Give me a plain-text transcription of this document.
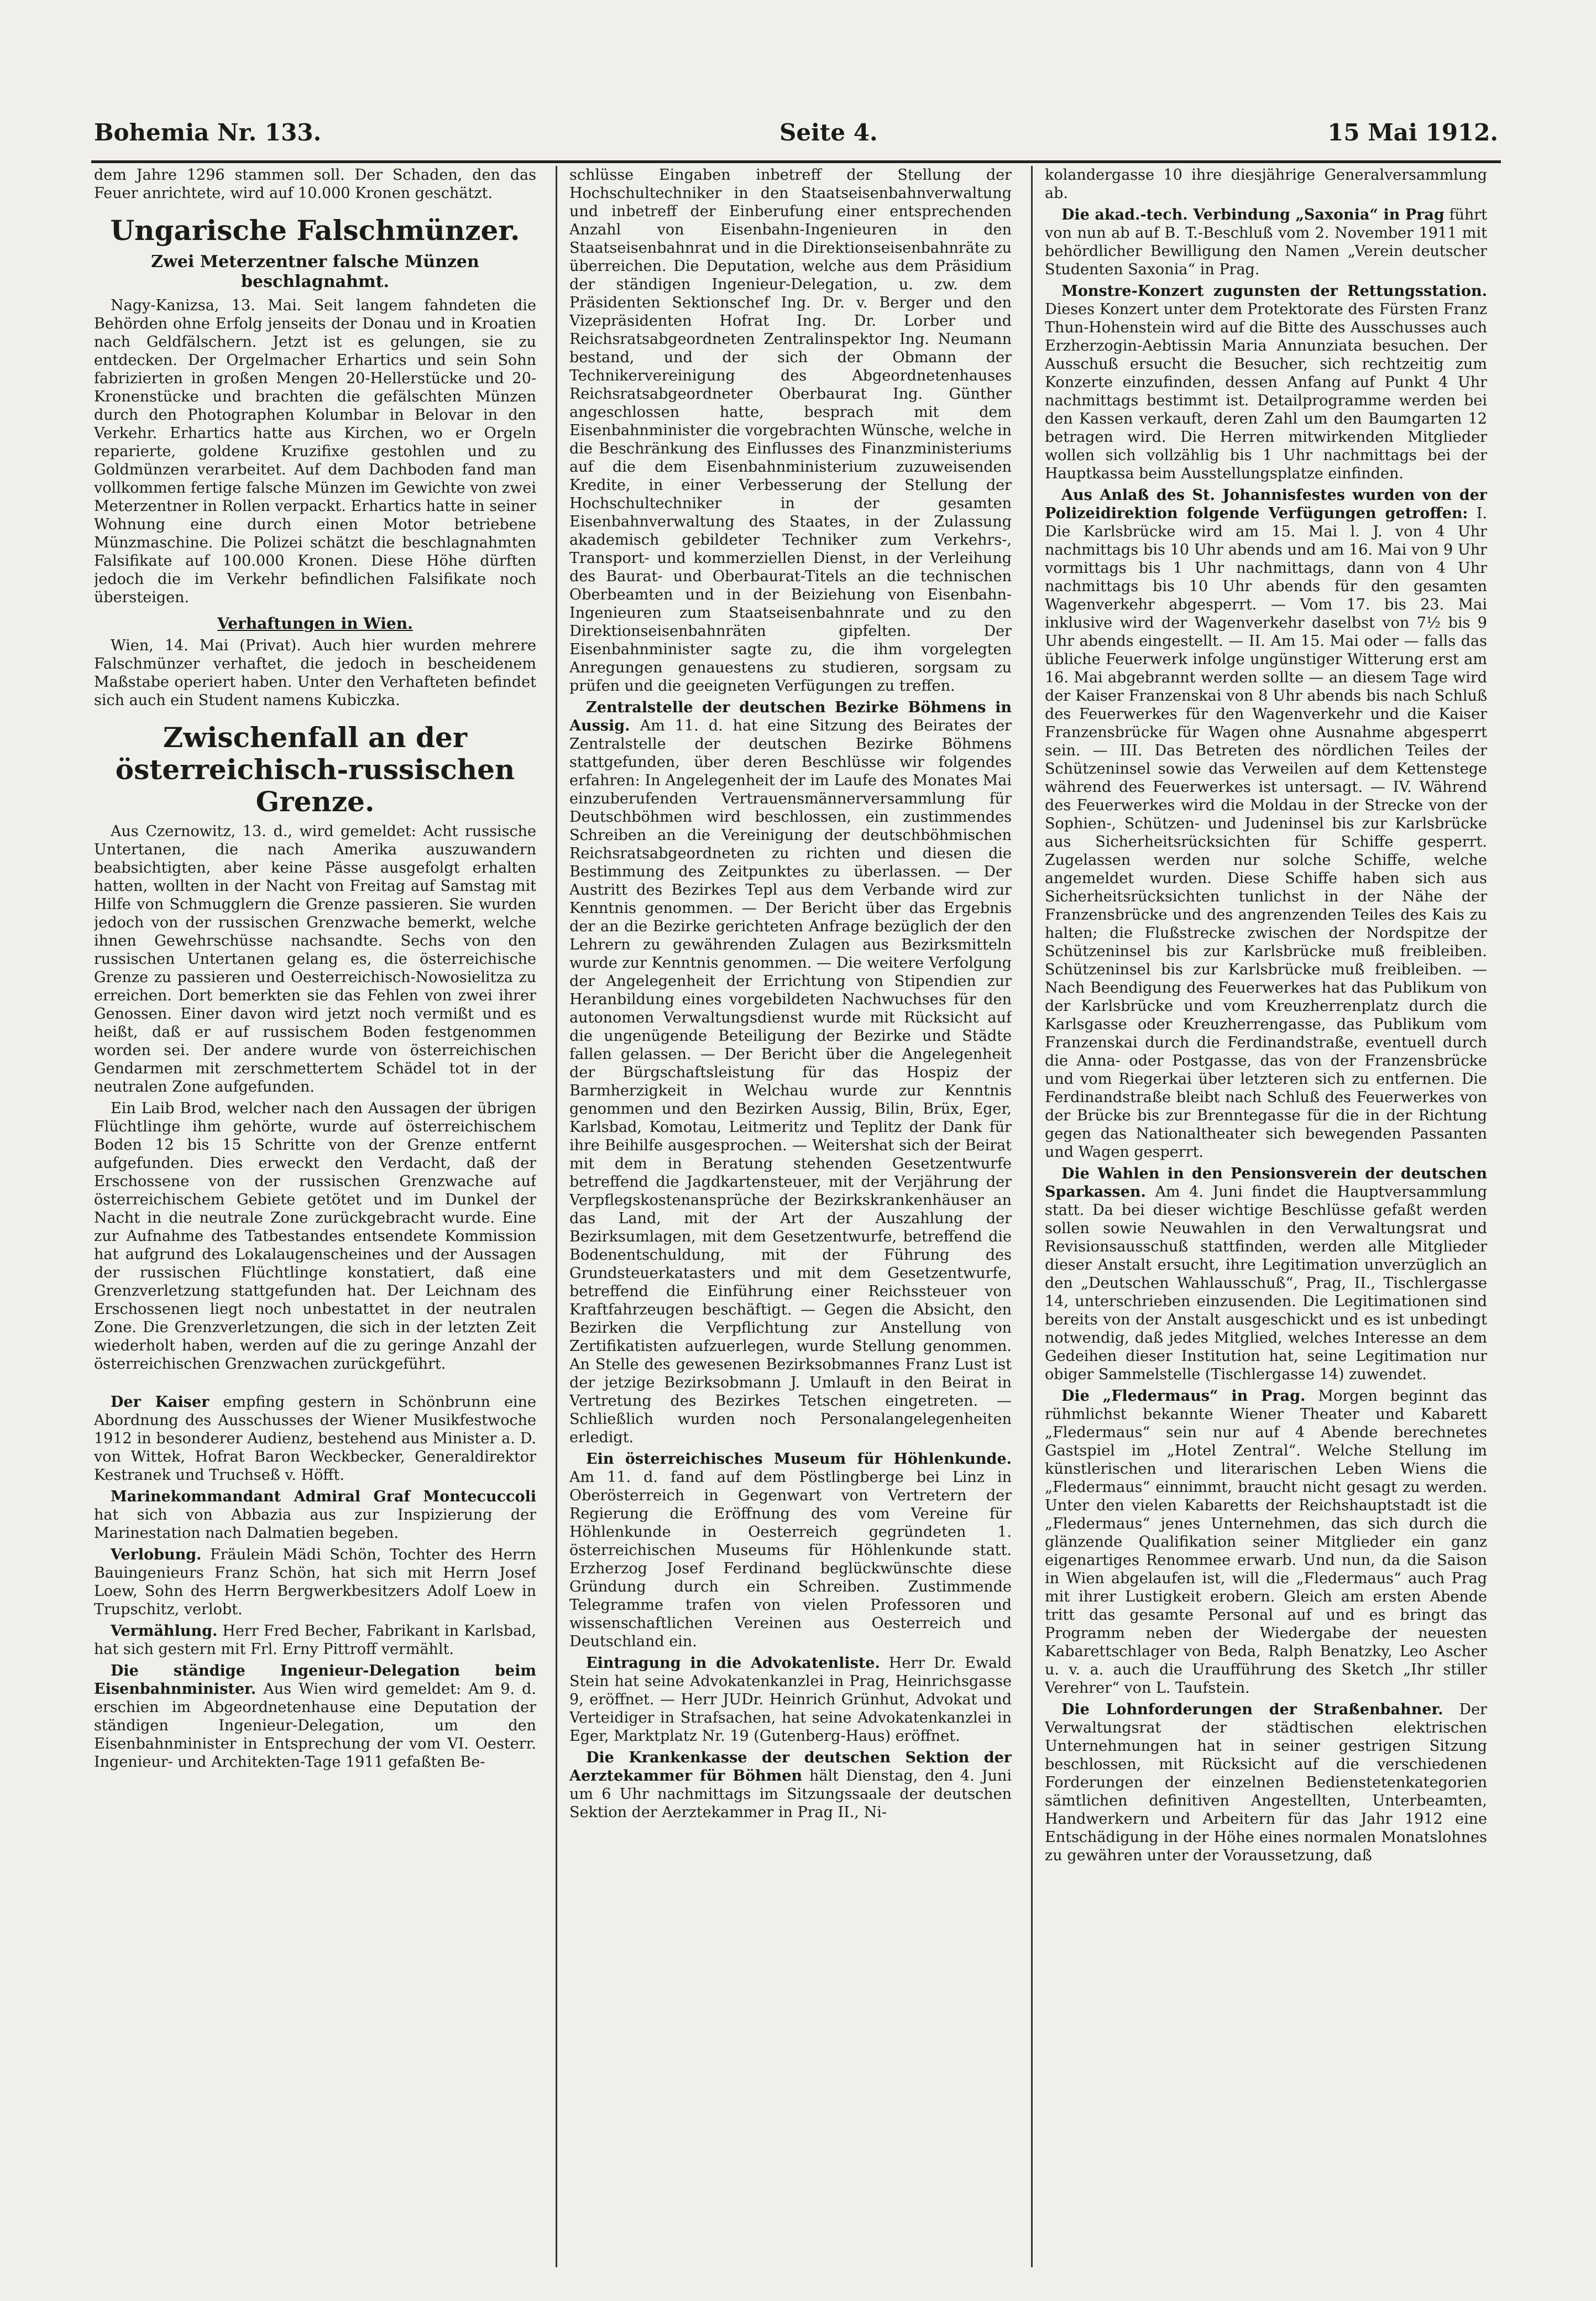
Bohemia Nr. 133.	Seite 4.	15 Mai 1912.

dem Jahre 1296 stammen soll. Der Schaden, den das Feuer anrichtete, wird auf 10.000 Kronen geschätzt.

Ungarische Falschmünzer.
Zwei Meterzentner falsche Münzen beschlagnahmt.

Nagy-Kanizsa, 13. Mai. Seit langem fahndeten die Behörden ohne Erfolg jenseits der Donau und in Kroatien nach Geldfälschern. Jetzt ist es gelungen, sie zu entdecken. Der Orgelmacher Erhartics und sein Sohn fabrizierten in großen Mengen 20-Hellerstücke und 20-Kronenstücke und brachten die gefälschten Münzen durch den Photographen Kolumbar in Belovar in den Verkehr. Erhartics hatte aus Kirchen, wo er Orgeln reparierte, goldene Kruzifixe gestohlen und zu Goldmünzen verarbeitet. Auf dem Dachboden fand man vollkommen fertige falsche Münzen im Gewichte von zwei Meterzentner in Rollen verpackt. Erhartics hatte in seiner Wohnung eine durch einen Motor betriebene Münzmaschine. Die Polizei schätzt die beschlagnahmten Falsifikate auf 100.000 Kronen. Diese Höhe dürften jedoch die im Verkehr befindlichen Falsifikate noch übersteigen.

Verhaftungen in Wien.

Wien, 14. Mai (Privat). Auch hier wurden mehrere Falschmünzer verhaftet, die jedoch in bescheidenem Maßstabe operiert haben. Unter den Verhafteten befindet sich auch ein Student namens Kubiczka.

Zwischenfall an der österreichisch-russischen Grenze.

Aus Czernowitz, 13. d., wird gemeldet: Acht russische Untertanen, die nach Amerika auszuwandern beabsichtigten, aber keine Pässe ausgefolgt erhalten hatten, wollten in der Nacht von Freitag auf Samstag mit Hilfe von Schmugglern die Grenze passieren. Sie wurden jedoch von der russischen Grenzwache bemerkt, welche ihnen Gewehrschüsse nachsandte. Sechs von den russischen Untertanen gelang es, die österreichische Grenze zu passieren und Oesterreichisch-Nowosielitza zu erreichen. Dort bemerkten sie das Fehlen von zwei ihrer Genossen. Einer davon wird jetzt noch vermißt und es heißt, daß er auf russischem Boden festgenommen worden sei. Der andere wurde von österreichischen Gendarmen mit zerschmettertem Schädel tot in der neutralen Zone aufgefunden.

Ein Laib Brod, welcher nach den Aussagen der übrigen Flüchtlinge ihm gehörte, wurde auf österreichischem Boden 12 bis 15 Schritte von der Grenze entfernt aufgefunden. Dies erweckt den Verdacht, daß der Erschossene von der russischen Grenzwache auf österreichischem Gebiete getötet und im Dunkel der Nacht in die neutrale Zone zurückgebracht wurde. Eine zur Aufnahme des Tatbestandes entsendete Kommission hat aufgrund des Lokalaugenscheines und der Aussagen der russischen Flüchtlinge konstatiert, daß eine Grenzverletzung stattgefunden hat. Der Leichnam des Erschossenen liegt noch unbestattet in der neutralen Zone. Die Grenzverletzungen, die sich in der letzten Zeit wiederholt haben, werden auf die zu geringe Anzahl der österreichischen Grenzwachen zurückgeführt.

Der Kaiser empfing gestern in Schönbrunn eine Abordnung des Ausschusses der Wiener Musikfestwoche 1912 in besonderer Audienz, bestehend aus Minister a. D. von Wittek, Hofrat Baron Weckbecker, Generaldirektor Kestranek und Truchseß v. Höfft.

Marinekommandant Admiral Graf Montecuccoli hat sich von Abbazia aus zur Inspizierung der Marinestation nach Dalmatien begeben.

Verlobung. Fräulein Mädi Schön, Tochter des Herrn Bauingenieurs Franz Schön, hat sich mit Herrn Josef Loew, Sohn des Herrn Bergwerkbesitzers Adolf Loew in Trupschitz, verlobt.

Vermählung. Herr Fred Becher, Fabrikant in Karlsbad, hat sich gestern mit Frl. Erny Pittroff vermählt.

Die ständige Ingenieur-Delegation beim Eisenbahnminister. Aus Wien wird gemeldet: Am 9. d. erschien im Abgeordnetenhause eine Deputation der ständigen Ingenieur-Delegation, um den Eisenbahnminister in Entsprechung der vom VI. Oesterr. Ingenieur- und Architekten-Tage 1911 gefaßten Be-

schlüsse Eingaben inbetreff der Stellung der Hochschultechniker in den Staatseisenbahnverwaltung und inbetreff der Einberufung einer entsprechenden Anzahl von Eisenbahn-Ingenieuren in den Staatseisenbahnrat und in die Direktionseisenbahnräte zu überreichen. Die Deputation, welche aus dem Präsidium der ständigen Ingenieur-Delegation, u. zw. dem Präsidenten Sektionschef Ing. Dr. v. Berger und den Vizepräsidenten Hofrat Ing. Dr. Lorber und Reichsratsabgeordneten Zentralinspektor Ing. Neumann bestand, und der sich der Obmann der Technikervereinigung des Abgeordnetenhauses Reichsratsabgeordneter Oberbaurat Ing. Günther angeschlossen hatte, besprach mit dem Eisenbahnminister die vorgebrachten Wünsche, welche in die Beschränkung des Einflusses des Finanzministeriums auf die dem Eisenbahnministerium zuzuweisenden Kredite, in einer Verbesserung der Stellung der Hochschultechniker in der gesamten Eisenbahnverwaltung des Staates, in der Zulassung akademisch gebildeter Techniker zum Verkehrs-, Transport- und kommerziellen Dienst, in der Verleihung des Baurat- und Oberbaurat-Titels an die technischen Oberbeamten und in der Beiziehung von Eisenbahn-Ingenieuren zum Staatseisenbahnrate und zu den Direktionseisenbahnräten gipfelten. Der Eisenbahnminister sagte zu, die ihm vorgelegten Anregungen genauestens zu studieren, sorgsam zu prüfen und die geeigneten Verfügungen zu treffen.

Zentralstelle der deutschen Bezirke Böhmens in Aussig. Am 11. d. hat eine Sitzung des Beirates der Zentralstelle der deutschen Bezirke Böhmens stattgefunden, über deren Beschlüsse wir folgendes erfahren: In Angelegenheit der im Laufe des Monates Mai einzuberufenden Vertrauensmännerversammlung für Deutschböhmen wird beschlossen, ein zustimmendes Schreiben an die Vereinigung der deutschböhmischen Reichsratsabgeordneten zu richten und diesen die Bestimmung des Zeitpunktes zu überlassen. — Der Austritt des Bezirkes Tepl aus dem Verbande wird zur Kenntnis genommen. — Der Bericht über das Ergebnis der an die Bezirke gerichteten Anfrage bezüglich der den Lehrern zu gewährenden Zulagen aus Bezirksmitteln wurde zur Kenntnis genommen. — Die weitere Verfolgung der Angelegenheit der Errichtung von Stipendien zur Heranbildung eines vorgebildeten Nachwuchses für den autonomen Verwaltungsdienst wurde mit Rücksicht auf die ungenügende Beteiligung der Bezirke und Städte fallen gelassen. — Der Bericht über die Angelegenheit der Bürgschaftsleistung für das Hospiz der Barmherzigkeit in Welchau wurde zur Kenntnis genommen und den Bezirken Aussig, Bilin, Brüx, Eger, Karlsbad, Komotau, Leitmeritz und Teplitz der Dank für ihre Beihilfe ausgesprochen. — Weitershat sich der Beirat mit dem in Beratung stehenden Gesetzentwurfe betreffend die Jagdkartensteuer, mit der Verjährung der Verpflegskostenansprüche der Bezirkskrankenhäuser an das Land, mit der Art der Auszahlung der Bezirksumlagen, mit dem Gesetzentwurfe, betreffend die Bodenentschuldung, mit der Führung des Grundsteuerkatasters und mit dem Gesetzentwurfe, betreffend die Einführung einer Reichssteuer von Kraftfahrzeugen beschäftigt. — Gegen die Absicht, den Bezirken die Verpflichtung zur Anstellung von Zertifikatisten aufzuerlegen, wurde Stellung genommen. An Stelle des gewesenen Bezirksobmannes Franz Lust ist der jetzige Bezirksobmann J. Umlauft in den Beirat in Vertretung des Bezirkes Tetschen eingetreten. — Schließlich wurden noch Personalangelegenheiten erledigt.

Ein österreichisches Museum für Höhlenkunde. Am 11. d. fand auf dem Pöstlingberge bei Linz in Oberösterreich in Gegenwart von Vertretern der Regierung die Eröffnung des vom Vereine für Höhlenkunde in Oesterreich gegründeten 1. österreichischen Museums für Höhlenkunde statt. Erzherzog Josef Ferdinand beglückwünschte diese Gründung durch ein Schreiben. Zustimmende Telegramme trafen von vielen Professoren und wissenschaftlichen Vereinen aus Oesterreich und Deutschland ein.

Eintragung in die Advokatenliste. Herr Dr. Ewald Stein hat seine Advokatenkanzlei in Prag, Heinrichsgasse 9, eröffnet. — Herr JUDr. Heinrich Grünhut, Advokat und Verteidiger in Strafsachen, hat seine Advokatenkanzlei in Eger, Marktplatz Nr. 19 (Gutenberg-Haus) eröffnet.

Die Krankenkasse der deutschen Sektion der Aerztekammer für Böhmen hält Dienstag, den 4. Juni um 6 Uhr nachmittags im Sitzungssaale der deutschen Sektion der Aerztekammer in Prag II., Ni-

kolandergasse 10 ihre diesjährige Generalversammlung ab.

Die akad.-tech. Verbindung „Saxonia“ in Prag führt von nun ab auf B. T.-Beschluß vom 2. November 1911 mit behördlicher Bewilligung den Namen „Verein deutscher Studenten Saxonia“ in Prag.

Monstre-Konzert zugunsten der Rettungsstation. Dieses Konzert unter dem Protektorate des Fürsten Franz Thun-Hohenstein wird auf die Bitte des Ausschusses auch Erzherzogin-Aebtissin Maria Annunziata besuchen. Der Ausschuß ersucht die Besucher, sich rechtzeitig zum Konzerte einzufinden, dessen Anfang auf Punkt 4 Uhr nachmittags bestimmt ist. Detailprogramme werden bei den Kassen verkauft, deren Zahl um den Baumgarten 12 betragen wird. Die Herren mitwirkenden Mitglieder wollen sich vollzählig bis 1 Uhr nachmittags bei der Hauptkassa beim Ausstellungsplatze einfinden.

Aus Anlaß des St. Johannisfestes wurden von der Polizeidirektion folgende Verfügungen getroffen: I. Die Karlsbrücke wird am 15. Mai l. J. von 4 Uhr nachmittags bis 10 Uhr abends und am 16. Mai von 9 Uhr vormittags bis 1 Uhr nachmittags, dann von 4 Uhr nachmittags bis 10 Uhr abends für den gesamten Wagenverkehr abgesperrt. — Vom 17. bis 23. Mai inklusive wird der Wagenverkehr daselbst von 7½ bis 9 Uhr abends eingestellt. — II. Am 15. Mai oder — falls das übliche Feuerwerk infolge ungünstiger Witterung erst am 16. Mai abgebrannt werden sollte — an diesem Tage wird der Kaiser Franzenskai von 8 Uhr abends bis nach Schluß des Feuerwerkes für den Wagenverkehr und die Kaiser Franzensbrücke für Wagen ohne Ausnahme abgesperrt sein. — III. Das Betreten des nördlichen Teiles der Schützeninsel sowie das Verweilen auf dem Kettenstege während des Feuerwerkes ist untersagt. — IV. Während des Feuerwerkes wird die Moldau in der Strecke von der Sophien-, Schützen- und Judeninsel bis zur Karlsbrücke aus Sicherheitsrücksichten für Schiffe gesperrt. Zugelassen werden nur solche Schiffe, welche angemeldet wurden. Diese Schiffe haben sich aus Sicherheitsrücksichten tunlichst in der Nähe der Franzensbrücke und des angrenzenden Teiles des Kais zu halten; die Flußstrecke zwischen der Nordspitze der Schützeninsel bis zur Karlsbrücke muß freibleiben. Schützeninsel bis zur Karlsbrücke muß freibleiben. — Nach Beendigung des Feuerwerkes hat das Publikum von der Karlsbrücke und vom Kreuzherrenplatz durch die Karlsgasse oder Kreuzherrengasse, das Publikum vom Franzenskai durch die Ferdinandstraße, eventuell durch die Anna- oder Postgasse, das von der Franzensbrücke und vom Riegerkai über letzteren sich zu entfernen. Die Ferdinandstraße bleibt nach Schluß des Feuerwerkes von der Brücke bis zur Brenntegasse für die in der Richtung gegen das Nationaltheater sich bewegenden Passanten und Wagen gesperrt.

Die Wahlen in den Pensionsverein der deutschen Sparkassen. Am 4. Juni findet die Hauptversammlung statt. Da bei dieser wichtige Beschlüsse gefaßt werden sollen sowie Neuwahlen in den Verwaltungsrat und Revisionsausschuß stattfinden, werden alle Mitglieder dieser Anstalt ersucht, ihre Legitimation unverzüglich an den „Deutschen Wahlausschuß“, Prag, II., Tischlergasse 14, unterschrieben einzusenden. Die Legitimationen sind bereits von der Anstalt ausgeschickt und es ist unbedingt notwendig, daß jedes Mitglied, welches Interesse an dem Gedeihen dieser Institution hat, seine Legitimation nur obiger Sammelstelle (Tischlergasse 14) zuwendet.

Die „Fledermaus“ in Prag. Morgen beginnt das rühmlichst bekannte Wiener Theater und Kabarett „Fledermaus“ sein nur auf 4 Abende berechnetes Gastspiel im „Hotel Zentral“. Welche Stellung im künstlerischen und literarischen Leben Wiens die „Fledermaus“ einnimmt, braucht nicht gesagt zu werden. Unter den vielen Kabaretts der Reichshauptstadt ist die „Fledermaus“ jenes Unternehmen, das sich durch die glänzende Qualifikation seiner Mitglieder ein ganz eigenartiges Renommee erwarb. Und nun, da die Saison in Wien abgelaufen ist, will die „Fledermaus“ auch Prag mit ihrer Lustigkeit erobern. Gleich am ersten Abende tritt das gesamte Personal auf und es bringt das Programm neben der Wiedergabe der neuesten Kabarettschlager von Beda, Ralph Benatzky, Leo Ascher u. v. a. auch die Uraufführung des Sketch „Ihr stiller Verehrer“ von L. Taufstein.

Die Lohnforderungen der Straßenbahner. Der Verwaltungsrat der städtischen elektrischen Unternehmungen hat in seiner gestrigen Sitzung beschlossen, mit Rücksicht auf die verschiedenen Forderungen der einzelnen Bedienstetenkategorien sämtlichen definitiven Angestellten, Unterbeamten, Handwerkern und Arbeitern für das Jahr 1912 eine Entschädigung in der Höhe eines normalen Monatslohnes zu gewähren unter der Voraussetzung, daß
